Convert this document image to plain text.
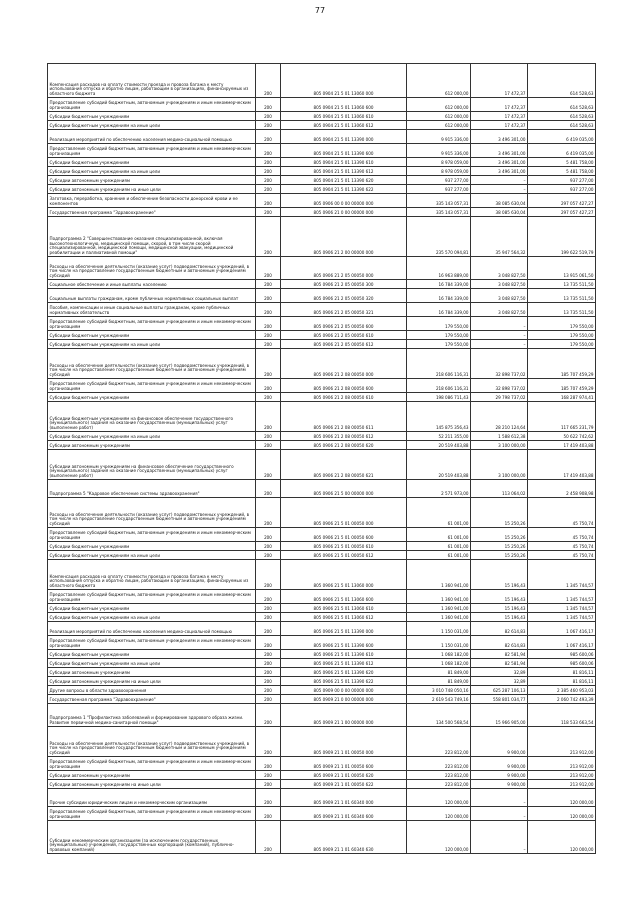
77
Компенсация расходов на оплату стоимости проезда и провоза багажа к месту использования отпуска и обратно лицам, работающим в организациях, финансируемых из областного бюджета	200	805 0904 21 5 01 13060 000	612 000,00	17 472,37	614 528,63
Предоставление субсидий бюджетным, автономным учреждениям и иным некоммерческим организациям	200	805 0904 21 5 01 13060 600	612 000,00	17 472,37	614 528,63
Субсидии бюджетным учреждениям	200	805 0904 21 5 01 13060 610	612 000,00	17 472,37	614 528,63
Субсидии бюджетным учреждениям на иные цели	200	805 0904 21 5 01 13060 612	612 000,00	17 472,37	614 528,63
Реализация мероприятий по обеспечению населения медико-социальной помощью	200	805 0904 21 5 01 13390 000	9 915 336,00	3 496 301,00	6 419 035,00
Предоставление субсидий бюджетным, автономным учреждениям и иным некоммерческим организациям	200	805 0904 21 5 01 13390 600	9 915 336,00	3 496 301,00	6 419 035,00
Субсидии бюджетным учреждениям	200	805 0904 21 5 01 13390 610	8 978 059,00	3 496 301,00	5 481 758,00
Субсидии бюджетным учреждениям на иные цели	200	805 0904 21 5 01 13390 612	8 978 059,00	3 496 301,00	5 481 758,00
Субсидии автономным учреждениям	200	805 0904 21 5 01 13390 620	937 277,00	–	937 277,00
Субсидии автономным учреждениям на иные цели	200	805 0904 21 5 01 13390 622	937 277,00	–	937 277,00
Заготовка, переработка, хранение и обеспечение безопасности донорской крови и ее компонентов	200	805 0906 00 0 00 00000 000	335 143 057,31	38 085 630,04	297 057 427,27
Государственная программа "Здравоохранение"	200	805 0906 21 0 00 00000 000	335 143 057,31	38 085 630,04	297 057 427,27
Подпрограмма 2 "Совершенствование оказания специализированной, включая высокотехнологичную, медицинской помощи, скорой, в том числе скорой специализированной, медицинской помощи, медицинской эвакуации, медицинской реабилитации и паллиативной помощи"	200	805 0906 21 2 00 00000 000	235 570 094,81	35 947 564,32	199 622 519,79
Расходы на обеспечение деятельности (оказание услуг) подведомственных учреждений, в том числе на предоставление государственным бюджетным и автономным учреждениям субсидий	200	805 0906 21 2 05 00050 000	16 963 889,00	3 048 827,50	13 915 061,50
Социальное обеспечение и иные выплаты населению	200	805 0906 21 2 05 00050 300	16 784 339,00	3 048 827,50	13 735 511,50
Социальные выплаты гражданам, кроме публичных нормативных социальных выплат	200	805 0906 21 2 05 00050 320	16 784 339,00	3 048 827,50	13 735 511,50
Пособия, компенсации и иные социальные выплаты гражданам, кроме публичных нормативных обязательств	200	805 0906 21 2 05 00050 321	16 784 339,00	3 048 827,50	13 735 511,50
Предоставление субсидий бюджетным, автономным учреждениям и иным некоммерческим организациям	200	805 0906 21 2 05 00050 600	179 550,00	–	179 550,00
Субсидии бюджетным учреждениям	200	805 0906 21 2 05 00050 610	179 550,00	–	179 550,00
Субсидии бюджетным учреждениям на иные цели	200	805 0906 21 2 05 00050 612	179 550,00	–	179 550,00
Расходы на обеспечение деятельности (оказание услуг) подведомственных учреждений, в том числе на предоставление государственным бюджетным и автономным учреждениям субсидий	200	805 0906 21 2 08 00050 000	218 606 116,31	32 898 737,02	185 707 459,29
Предоставление субсидий бюджетным, автономным учреждениям и иным некоммерческим организациям	200	805 0906 21 2 08 00050 600	218 606 116,31	32 898 737,02	185 707 459,29
Субсидии бюджетным учреждениям	200	805 0906 21 2 08 00050 610	198 086 711,43	29 798 737,02	168 287 974,41
Субсидии бюджетным учреждениям на финансовое обеспечение государственного (муниципального) задания на оказание государственных (муниципальных) услуг (выполнение работ)	200	805 0906 21 2 08 00050 611	145 875 356,43	28 210 124,64	117 665 231,79
Субсидии бюджетным учреждениям на иные цели	200	805 0906 21 2 08 00050 612	52 211 355,00	1 588 612,38	50 622 742,62
Субсидии автономным учреждениям	200	805 0906 21 2 08 00050 620	20 519 403,88	3 100 000,00	17 419 403,88
Субсидии автономным учреждениям на финансовое обеспечение государственного (муниципального) задания на оказание государственных (муниципальных) услуг (выполнение работ)	200	805 0906 21 2 08 00050 621	20 519 403,88	3 100 000,00	17 419 403,88
Подпрограмма 5 "Кадровое обеспечение системы здравоохранения"	200	805 0906 21 5 00 00000 000	2 571 973,00	113 064,02	2 458 908,98
Расходы на обеспечение деятельности (оказание услуг) подведомственных учреждений, в том числе на предоставление государственным бюджетным и автономным учреждениям субсидий	200	805 0906 21 5 01 00050 000	61 001,00	15 250,26	45 750,74
Предоставление субсидий бюджетным, автономным учреждениям и иным некоммерческим организациям	200	805 0906 21 5 01 00050 600	61 001,00	15 250,26	45 750,74
Субсидии бюджетным учреждениям	200	805 0906 21 5 01 00050 610	61 001,00	15 250,26	45 750,74
Субсидии бюджетным учреждениям на иные цели	200	805 0906 21 5 01 00050 612	61 001,00	15 250,26	45 750,74
Компенсация расходов на оплату стоимости проезда и провоза багажа к месту использования отпуска и обратно лицам, работающим в организациях, финансируемых из областного бюджета	200	805 0906 21 5 01 13060 000	1 360 941,00	15 196,43	1 345 744,57
Предоставление субсидий бюджетным, автономным учреждениям и иным некоммерческим организациям	200	805 0906 21 5 01 13060 600	1 360 941,00	15 196,43	1 345 744,57
Субсидии бюджетным учреждениям	200	805 0906 21 5 01 13060 610	1 360 941,00	15 196,43	1 345 744,57
Субсидии бюджетным учреждениям на иные цели	200	805 0906 21 5 01 13060 612	1 360 941,00	15 196,43	1 345 744,57
Реализация мероприятий по обеспечению населения медико-социальной помощью	200	805 0906 21 5 01 13390 000	1 150 031,00	82 614,83	1 067 416,17
Предоставление субсидий бюджетным, автономным учреждениям и иным некоммерческим организациям	200	805 0906 21 5 01 13390 600	1 150 031,00	82 614,83	1 067 416,17
Субсидии бюджетным учреждениям	200	805 0906 21 5 01 13390 610	1 068 182,00	82 581,94	985 600,06
Субсидии бюджетным учреждениям на иные цели	200	805 0906 21 5 01 13390 612	1 068 182,00	82 581,94	985 600,06
Субсидии автономным учреждениям	200	805 0906 21 5 01 13390 620	81 849,00	32,89	81 816,11
Субсидии автономным учреждениям на иные цели	200	805 0906 21 5 01 13390 622	81 849,00	32,89	81 816,11
Другие вопросы в области здравоохранения	200	805 0909 00 0 00 00000 000	3 010 748 050,16	625 287 106,13	2 385 460 953,03
Государственная программа "Здравоохранение"	200	805 0909 21 0 00 00000 000	2 619 543 749,16	558 801 034,77	2 060 742 493,39
Подпрограмма 1 "Профилактика заболеваний и формирование здорового образа жизни. Развитие первичной медико-санитарной помощи"	200	805 0909 21 1 00 00000 000	134 500 568,54	15 966 905,00	118 533 663,54
Расходы на обеспечение деятельности (оказание услуг) подведомственных учреждений, в том числе на предоставление государственным бюджетным и автономным учреждениям субсидий	200	805 0909 21 1 01 00050 000	223 812,00	9 900,00	213 912,00
Предоставление субсидий бюджетным, автономным учреждениям и иным некоммерческим организациям	200	805 0909 21 1 01 00050 600	223 812,00	9 900,00	213 912,00
Субсидии автономным учреждениям	200	805 0909 21 1 01 00050 620	223 812,00	9 900,00	213 912,00
Субсидии автономным учреждениям на иные цели	200	805 0909 21 1 01 00050 622	223 812,00	9 900,00	213 912,00
Прочие субсидии юридическим лицам и некоммерческим организациям	200	805 0909 21 1 01 60340 000	120 000,00	–	120 000,00
Предоставление субсидий бюджетным, автономным учреждениям и иным некоммерческим организациям	200	805 0909 21 1 01 60340 600	120 000,00	–	120 000,00
Субсидии некоммерческим организациям (за исключением государственных (муниципальных) учреждений, государственных корпораций (компаний), публично-правовых компаний)	200	805 0909 21 1 01 60340 630	120 000,00	–	120 000,00
